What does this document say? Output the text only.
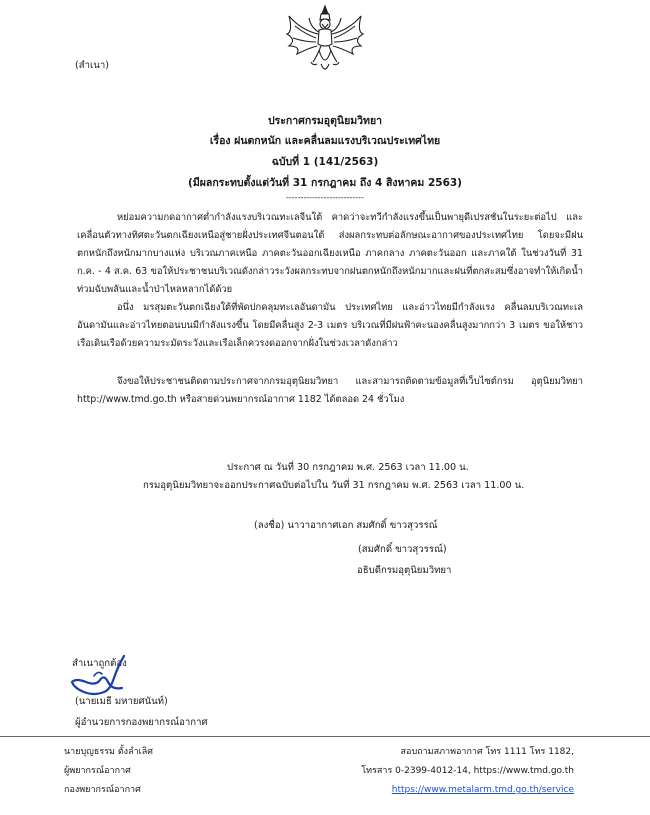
(สำเนา)
ประกาศกรมอุตุนิยมวิทยา
เรื่อง ฝนตกหนัก และคลื่นลมแรงบริเวณประเทศไทย
ฉบับที่ 1 (141/2563)
(มีผลกระทบตั้งแต่วันที่ 31 กรกฎาคม ถึง 4 สิงหาคม 2563)
---------------------------

หย่อมความกดอากาศต่ำกำลังแรงบริเวณทะเลจีนใต้ คาดว่าจะทวีกำลังแรงขึ้นเป็นพายุดีเปรสชันในระยะต่อไป และเคลื่อนตัวทางทิศตะวันตกเฉียงเหนือสู่ชายฝั่งประเทศจีนตอนใต้ ส่งผลกระทบต่อลักษณะอากาศของประเทศไทย โดยจะมีฝนตกหนักถึงหนักมากบางแห่ง บริเวณภาคเหนือ ภาคตะวันออกเฉียงเหนือ ภาคกลาง ภาคตะวันออก และภาคใต้ ในช่วงวันที่ 31 ก.ค. - 4 ส.ค. 63 ขอให้ประชาชนบริเวณดังกล่าวระวังผลกระทบจากฝนตกหนักถึงหนักมากและฝนที่ตกสะสมซึ่งอาจทำให้เกิดน้ำท่วมฉับพลันและน้ำป่าไหลหลากได้ด้วย

อนึ่ง มรสุมตะวันตกเฉียงใต้ที่พัดปกคลุมทะเลอันดามัน ประเทศไทย และอ่าวไทยมีกำลังแรง คลื่นลมบริเวณทะเลอันดามันและอ่าวไทยตอนบนมีกำลังแรงขึ้น โดยมีคลื่นสูง 2-3 เมตร บริเวณที่มีฝนฟ้าคะนองคลื่นสูงมากกว่า 3 เมตร ขอให้ชาวเรือเดินเรือด้วยความระมัดระวังและเรือเล็กควรงดออกจากฝั่งในช่วงเวลาดังกล่าว

จึงขอให้ประชาชนติดตามประกาศจากกรมอุตุนิยมวิทยา และสามารถติดตามข้อมูลที่เว็บไซต์กรม อุตุนิยมวิทยา http://www.tmd.go.th หรือสายด่วนพยากรณ์อากาศ 1182 ได้ตลอด 24 ชั่วโมง

ประกาศ ณ วันที่ 30 กรกฎาคม พ.ศ. 2563 เวลา 11.00 น.
กรมอุตุนิยมวิทยาจะออกประกาศฉบับต่อไปใน วันที่ 31 กรกฎาคม พ.ศ. 2563 เวลา 11.00 น.
(ลงชื่อ) นาวาอากาศเอก สมศักดิ์ ขาวสุวรรณ์
(สมศักดิ์ ขาวสุวรรณ์)
อธิบดีกรมอุตุนิยมวิทยา
สำเนาถูกต้อง
(นายเมธี มหายศนันท์)
ผู้อำนวยการกองพยากรณ์อากาศ
นายบุญธรรม ตั้งลำเลิศ
ผู้พยากรณ์อากาศ
กองพยากรณ์อากาศ
สอบถามสภาพอากาศ โทร 1111 โทร 1182,
โทรสาร 0-2399-4012-14, https://www.tmd.go.th
https://www.metalarm.tmd.go.th/service
